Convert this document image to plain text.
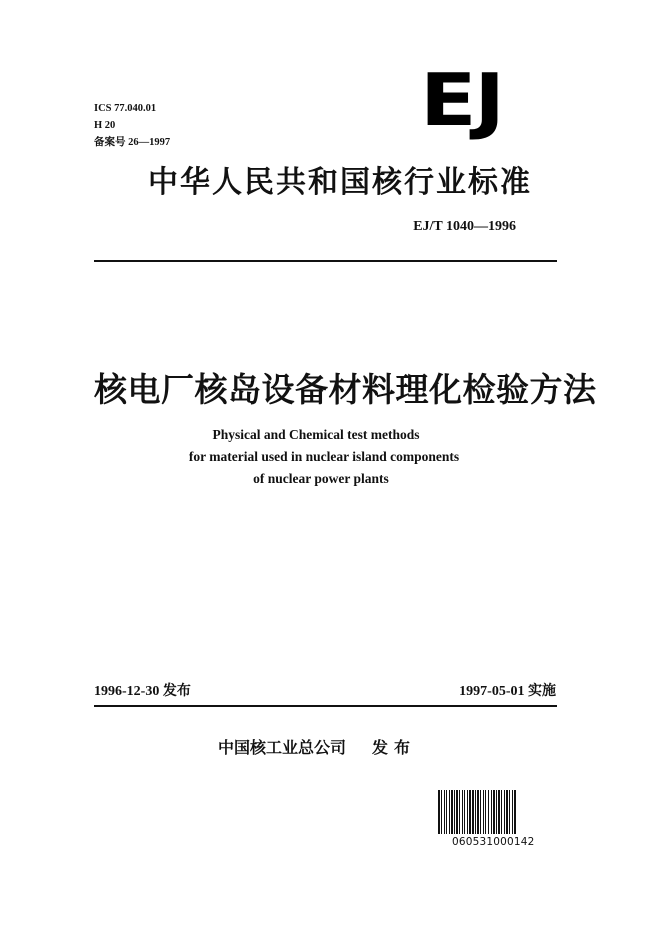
ICS 77.040.01
H 20
备案号 26—1997
EJ
中华人民共和国核行业标准
EJ/T 1040—1996
核电厂核岛设备材料理化检验方法
Physical and Chemical test methods
for material used in nuclear island components
of nuclear power plants
1996-12-30 发布	1997-05-01 实施
中国核工业总公司 发布
060531000142
